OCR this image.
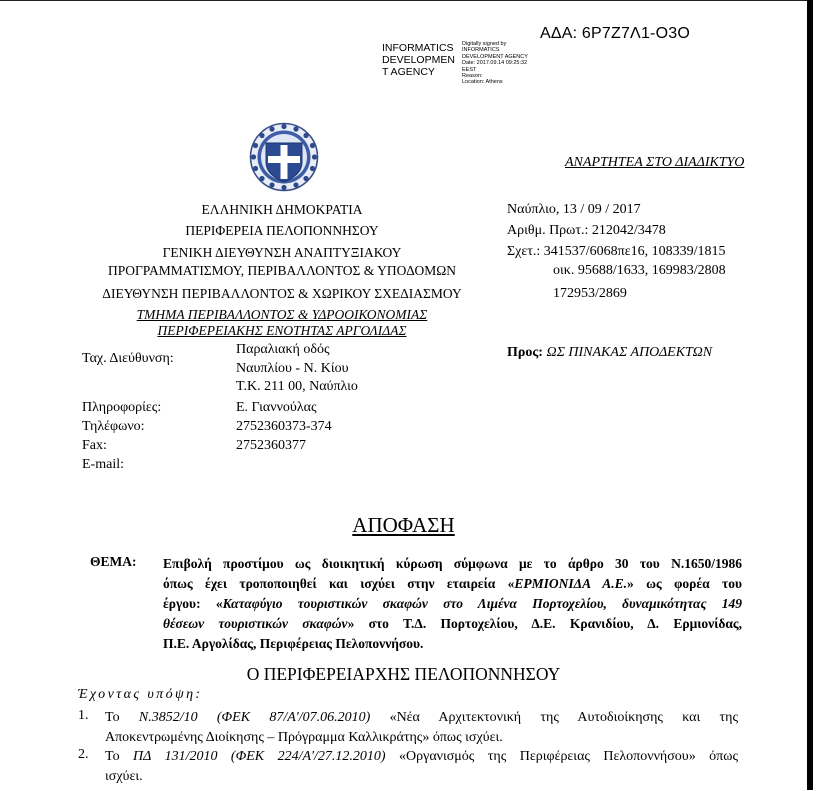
ΑΔΑ: 6Ρ7Ζ7Λ1-Ο3Ο
INFORMATICS
DEVELOPMEN
T AGENCY
Digitally signed by
INFORMATICS
DEVELOPMENT AGENCY
Date: 2017.09.14 09:25:32
EEST
Reason:
Location: Athens
ΑΝΑΡΤΗΤΕΑ ΣΤΟ ΔΙΑΔΙΚΤΥΟ
ΕΛΛΗΝΙΚΗ ΔΗΜΟΚΡΑΤΙΑ
ΠΕΡΙΦΕΡΕΙΑ ΠΕΛΟΠΟΝΝΗΣΟΥ
ΓΕΝΙΚΗ ΔΙΕΥΘΥΝΣΗ ΑΝΑΠΤΥΞΙΑΚΟΥ
ΠΡΟΓΡΑΜΜΑΤΙΣΜΟΥ, ΠΕΡΙΒΑΛΛΟΝΤΟΣ & ΥΠΟΔΟΜΩΝ
ΔΙΕΥΘΥΝΣΗ ΠΕΡΙΒΑΛΛΟΝΤΟΣ & ΧΩΡΙΚΟΥ ΣΧΕΔΙΑΣΜΟΥ
ΤΜΗΜΑ ΠΕΡΙΒΑΛΛΟΝΤΟΣ & ΥΔΡΟΟΙΚΟΝΟΜΙΑΣ
ΠΕΡΙΦΕΡΕΙΑΚΗΣ ΕΝΟΤΗΤΑΣ ΑΡΓΟΛΙΔΑΣ
Ναύπλιο, 13 / 09 / 2017
Αριθμ. Πρωτ.: 212042/3478
Σχετ.: 341537/6068πε16, 108339/1815
οικ. 95688/1633, 169983/2808
172953/2869
Προς: ΩΣ ΠΙΝΑΚΑΣ ΑΠΟΔΕΚΤΩΝ
Ταχ. Διεύθυνση:
Παραλιακή οδός
Ναυπλίου - Ν. Κίου
Τ.Κ. 211 00, Ναύπλιο
Πληροφορίες:	Ε. Γιαννούλας
Τηλέφωνο:	2752360373-374
Fax:	2752360377
E-mail:
ΑΠΟΦΑΣΗ
ΘΕΜΑ: Επιβολή προστίμου ως διοικητική κύρωση σύμφωνα με το άρθρο 30 του Ν.1650/1986
όπως έχει τροποποιηθεί και ισχύει στην εταιρεία «ΕΡΜΙΟΝΙΔΑ Α.Ε.» ως φορέα του
έργου: «Καταφύγιο τουριστικών σκαφών στο Λιμένα Πορτοχελίου, δυναμικότητας 149
θέσεων τουριστικών σκαφών» στο Τ.Δ. Πορτοχελίου, Δ.Ε. Κρανιδίου, Δ. Ερμιονίδας,
Π.Ε. Αργολίδας, Περιφέρειας Πελοποννήσου.
Ο ΠΕΡΙΦΕΡΕΙΑΡΧΗΣ ΠΕΛΟΠΟΝΝΗΣΟΥ
Έχοντας υπόψη:
1. Το Ν.3852/10 (ΦΕΚ 87/Α'/07.06.2010) «Νέα Αρχιτεκτονική της Αυτοδιοίκησης και της
Αποκεντρωμένης Διοίκησης – Πρόγραμμα Καλλικράτης» όπως ισχύει.
2. Το ΠΔ 131/2010 (ΦΕΚ 224/Α'/27.12.2010) «Οργανισμός της Περιφέρειας Πελοποννήσου» όπως
ισχύει.
